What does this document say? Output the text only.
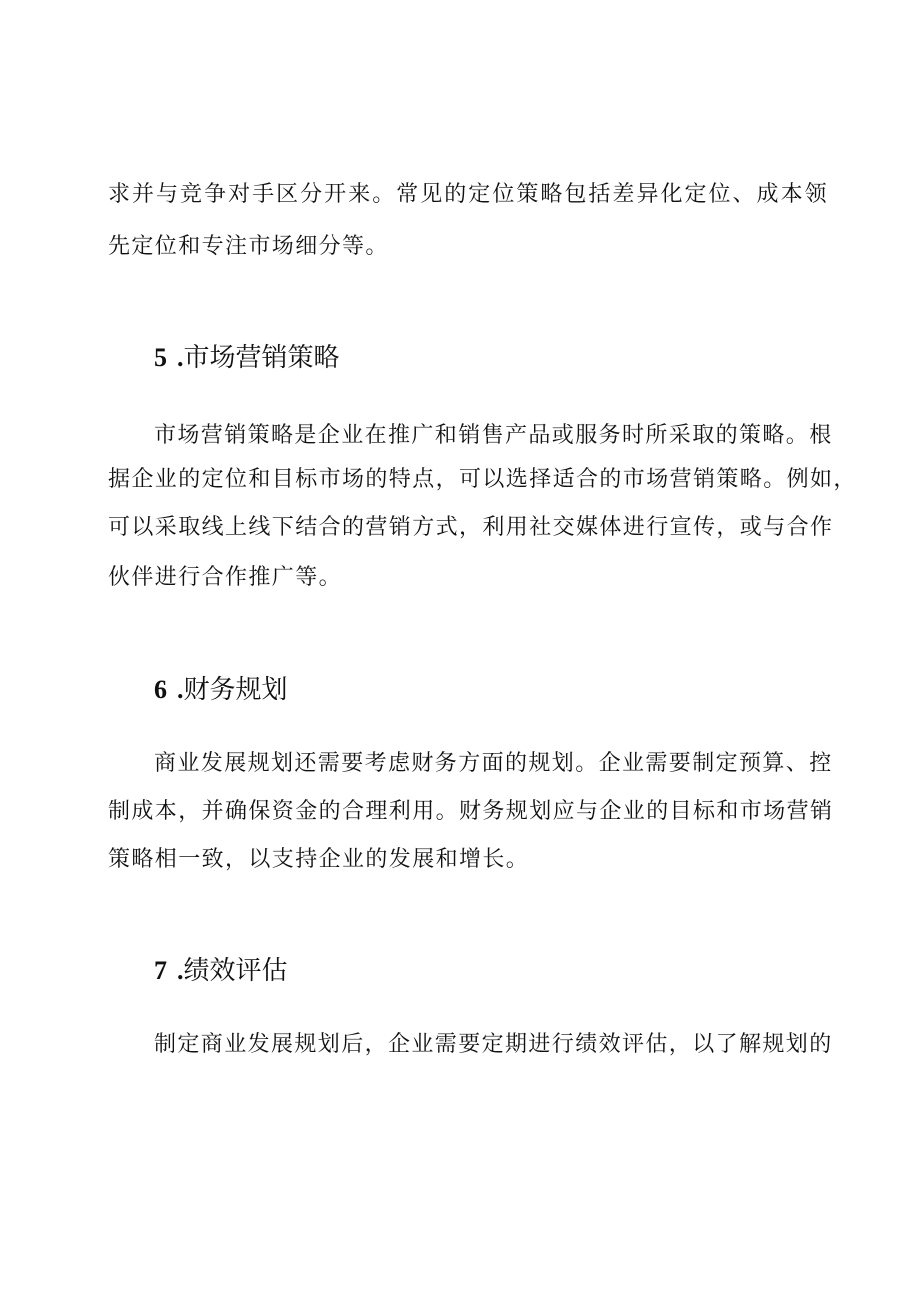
求并与竞争对手区分开来。常见的定位策略包括差异化定位、成本领
先定位和专注市场细分等。
5 .市场营销策略
市场营销策略是企业在推广和销售产品或服务时所采取的策略。根
据企业的定位和目标市场的特点，可以选择适合的市场营销策略。例如，
可以采取线上线下结合的营销方式，利用社交媒体进行宣传，或与合作
伙伴进行合作推广等。
6 .财务规划
商业发展规划还需要考虑财务方面的规划。企业需要制定预算、控
制成本，并确保资金的合理利用。财务规划应与企业的目标和市场营销
策略相一致，以支持企业的发展和增长。
7 .绩效评估
制定商业发展规划后，企业需要定期进行绩效评估，以了解规划的
